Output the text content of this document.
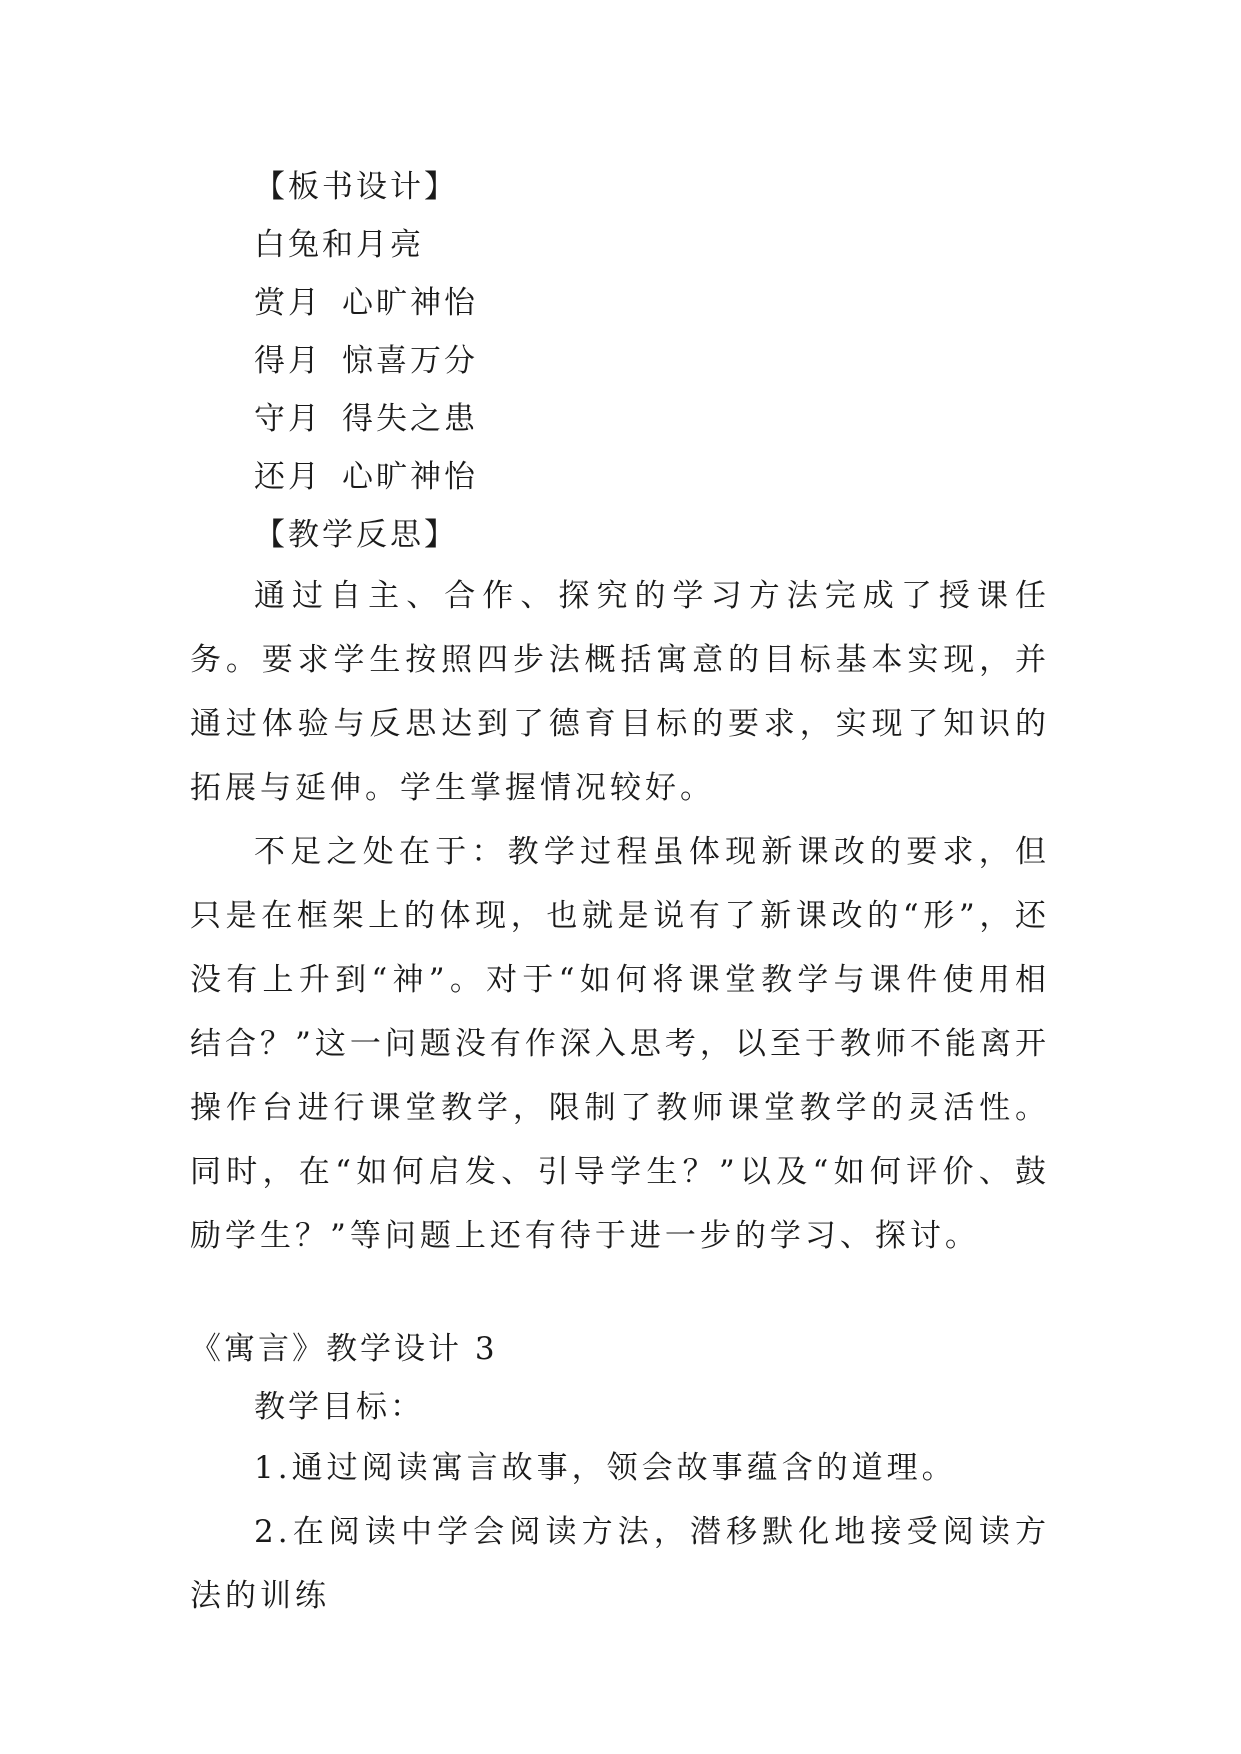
【板书设计】
白兔和月亮
赏月 心旷神怡
得月 惊喜万分
守月 得失之患
还月 心旷神怡
【教学反思】

通过自主、合作、探究的学习方法完成了授课任务。要求学生按照四步法概括寓意的目标基本实现，并通过体验与反思达到了德育目标的要求，实现了知识的拓展与延伸。学生掌握情况较好。

不足之处在于：教学过程虽体现新课改的要求，但只是在框架上的体现，也就是说有了新课改的“形”，还没有上升到“神”。对于“如何将课堂教学与课件使用相结合？”这一问题没有作深入思考，以至于教师不能离开操作台进行课堂教学，限制了教师课堂教学的灵活性。同时，在“如何启发、引导学生？”以及“如何评价、鼓励学生？”等问题上还有待于进一步的学习、探讨。

《寓言》教学设计 3
教学目标：

1.通过阅读寓言故事，领会故事蕴含的道理。

2.在阅读中学会阅读方法，潜移默化地接受阅读方法的训练
